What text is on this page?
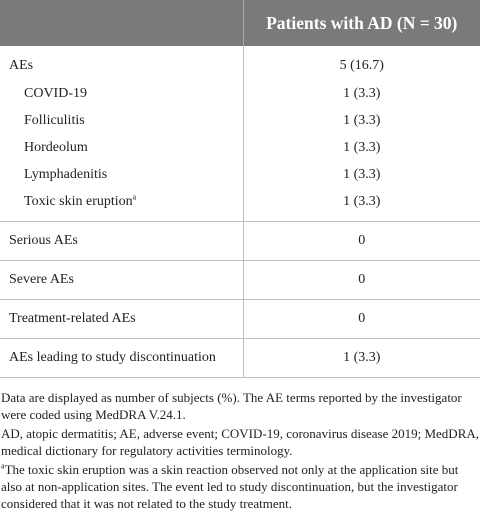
	Patients with AD (N = 30)
AEs	5 (16.7)
COVID-19	1 (3.3)
Folliculitis	1 (3.3)
Hordeolum	1 (3.3)
Lymphadenitis	1 (3.3)
Toxic skin eruption$^a$	1 (3.3)
Serious AEs	0
Severe AEs	0
Treatment-related AEs	0
AEs leading to study discontinuation	1 (3.3)

Data are displayed as number of subjects (%). The AE terms reported by the investigator were coded using MedDRA V.24.1.

AD, atopic dermatitis; AE, adverse event; COVID-19, coronavirus disease 2019; MedDRA, medical dictionary for regulatory activities terminology.

$^a$The toxic skin eruption was a skin reaction observed not only at the application site but also at non-application sites. The event led to study discontinuation, but the investigator considered that it was not related to the study treatment.
